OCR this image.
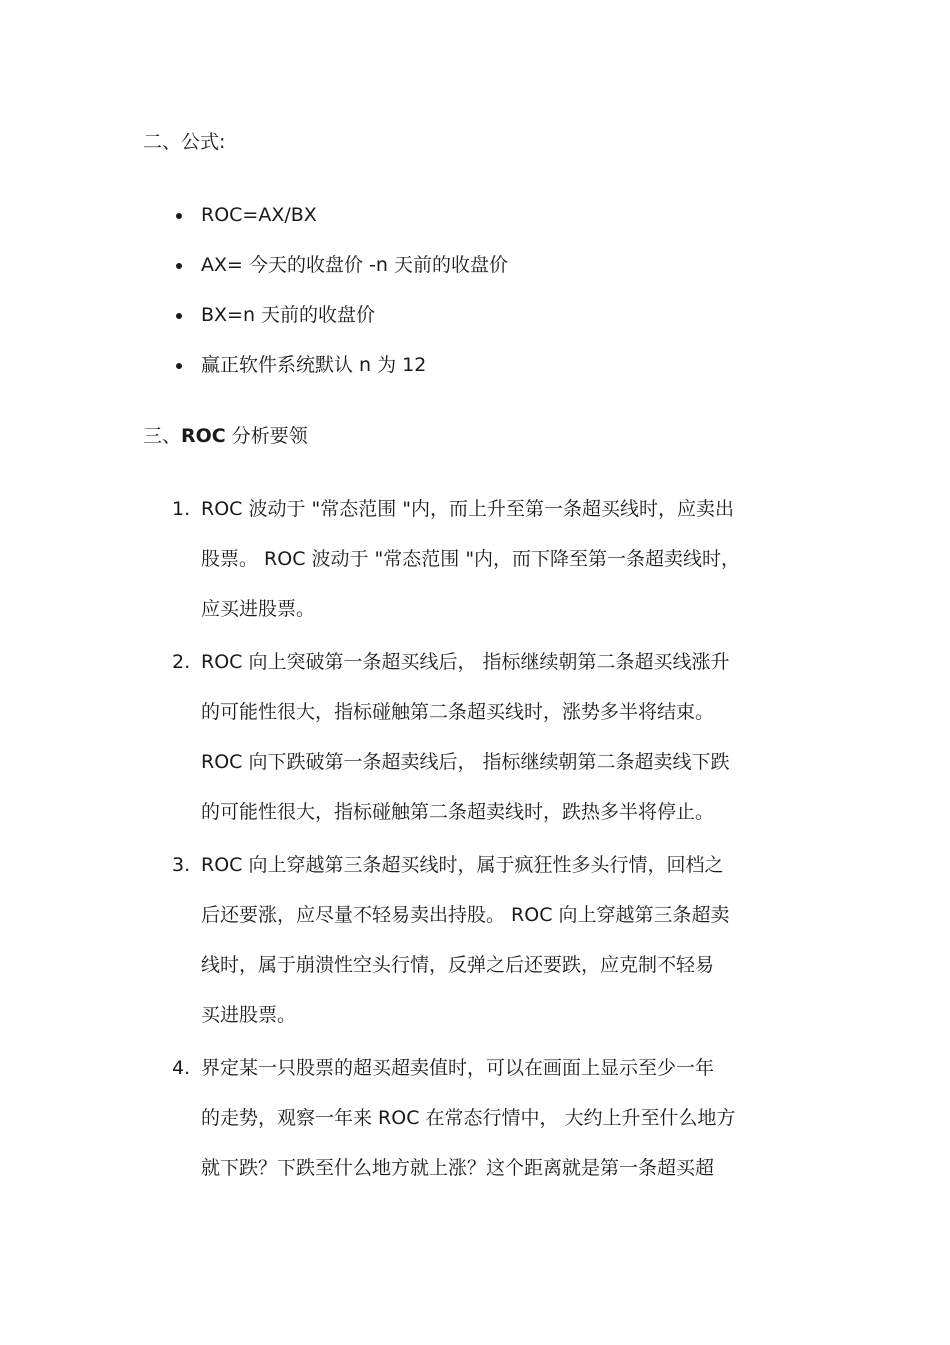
二、公式:
ROC=AX/BX
AX= 今天的收盘价 -n 天前的收盘价
BX=n 天前的收盘价
赢正软件系统默认 n 为 12
三、ROC 分析要领
1. ROC 波动于 "常态范围 "内，而上升至第一条超买线时，应卖出
股票。 ROC 波动于 "常态范围 "内，而下降至第一条超卖线时，
应买进股票。
2. ROC 向上突破第一条超买线后， 指标继续朝第二条超买线涨升
的可能性很大，指标碰触第二条超买线时，涨势多半将结束。
ROC 向下跌破第一条超卖线后， 指标继续朝第二条超卖线下跌
的可能性很大，指标碰触第二条超卖线时，跌热多半将停止。
3. ROC 向上穿越第三条超买线时，属于疯狂性多头行情，回档之
后还要涨，应尽量不轻易卖出持股。 ROC 向上穿越第三条超卖
线时，属于崩溃性空头行情，反弹之后还要跌，应克制不轻易
买进股票。
4. 界定某一只股票的超买超卖值时，可以在画面上显示至少一年
的走势，观察一年来 ROC 在常态行情中， 大约上升至什么地方
就下跌？下跌至什么地方就上涨？这个距离就是第一条超买超
